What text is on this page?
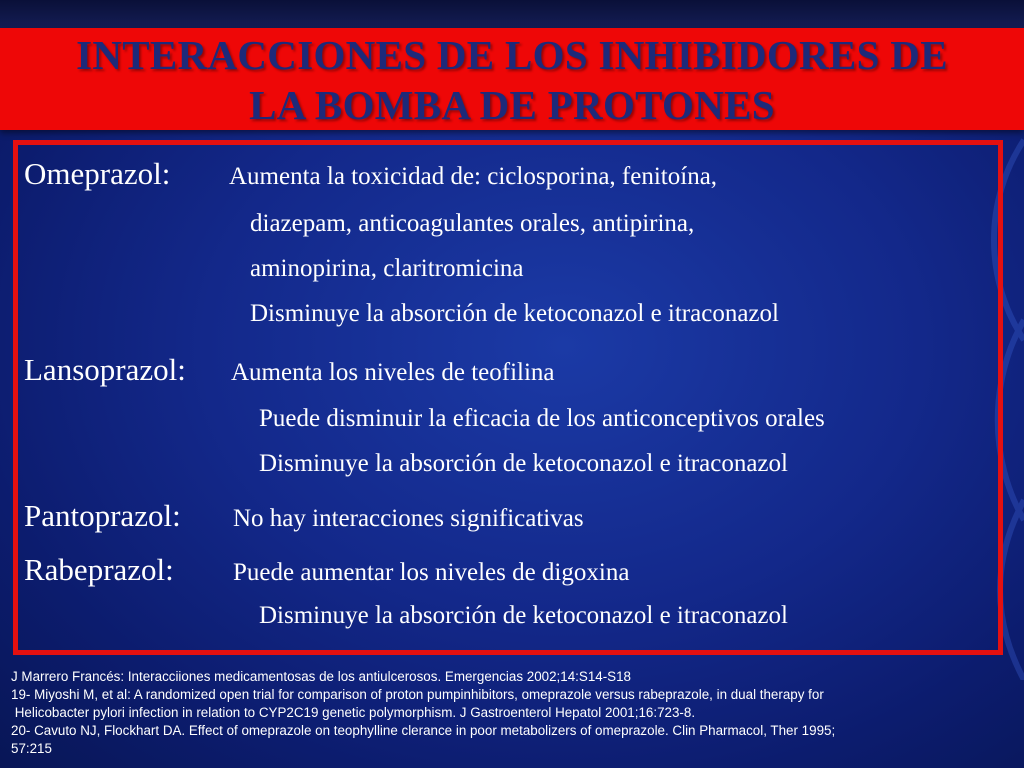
INTERACCIONES DE LOS INHIBIDORES DE
LA BOMBA DE PROTONES
Omeprazol: Aumenta la toxicidad de: ciclosporina, fenitoína,
diazepam, anticoagulantes orales, antipirina,
aminopirina, claritromicina
Disminuye la absorción de ketoconazol e itraconazol
Lansoprazol: Aumenta los niveles de teofilina
Puede disminuir la eficacia de los anticonceptivos orales
Disminuye la absorción de ketoconazol e itraconazol
Pantoprazol: No hay interacciones significativas
Rabeprazol: Puede aumentar los niveles de digoxina
Disminuye la absorción de ketoconazol e itraconazol
J Marrero Francés: Interacciiones medicamentosas de los antiulcerosos. Emergencias 2002;14:S14-S18
19- Miyoshi M, et al: A randomized open trial for comparison of proton pumpinhibitors, omeprazole versus rabeprazole, in dual therapy for
Helicobacter pylori infection in relation to CYP2C19 genetic polymorphism. J Gastroenterol Hepatol 2001;16:723-8.
20- Cavuto NJ, Flockhart DA. Effect of omeprazole on teophylline clerance in poor metabolizers of omeprazole. Clin Pharmacol, Ther 1995;
57:215
